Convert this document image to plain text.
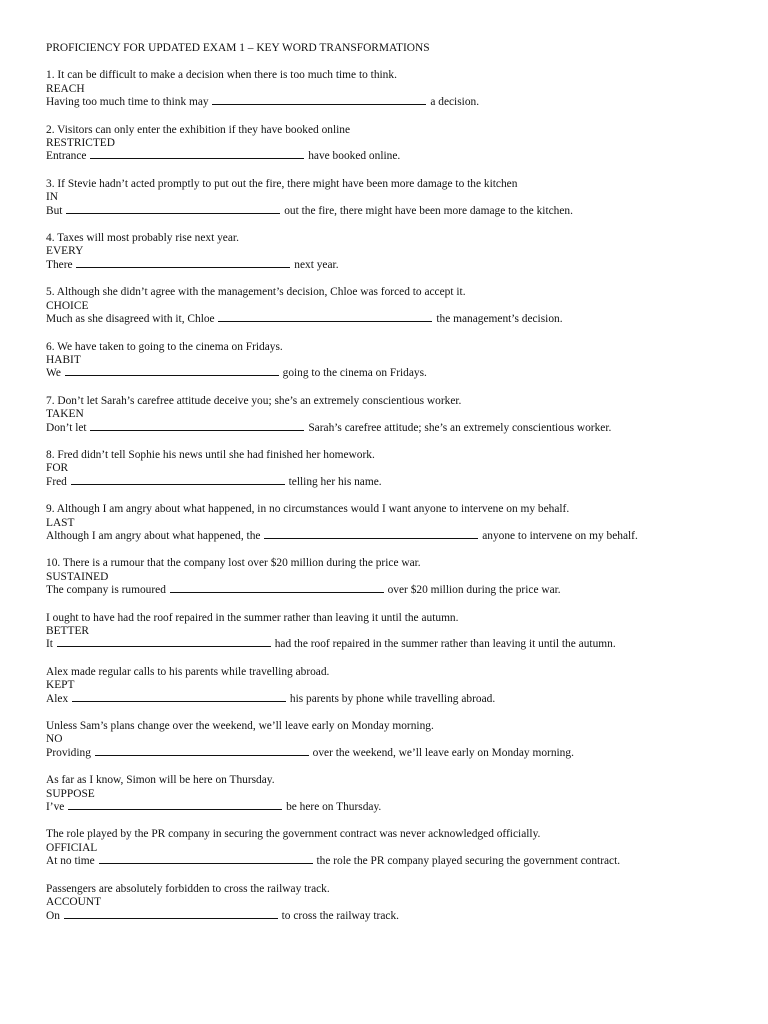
PROFICIENCY FOR UPDATED EXAM 1 – KEY WORD TRANSFORMATIONS
1. It can be difficult to make a decision when there is too much time to think.
REACH
Having too much time to think may	a decision.
2. Visitors can only enter the exhibition if they have booked online
RESTRICTED
Entrance	have booked online.
3. If Stevie hadn’t acted promptly to put out the fire, there might have been more damage to the kitchen
IN
But	out the fire, there might have been more damage to the kitchen.
4. Taxes will most probably rise next year.
EVERY
There	next year.
5. Although she didn’t agree with the management’s decision, Chloe was forced to accept it.
CHOICE
Much as she disagreed with it, Chloe	the management’s decision.
6. We have taken to going to the cinema on Fridays.
HABIT
We	going to the cinema on Fridays.
7. Don’t let Sarah’s carefree attitude deceive you; she’s an extremely conscientious worker.
TAKEN
Don’t let	Sarah’s carefree attitude; she’s an extremely conscientious worker.
8. Fred didn’t tell Sophie his news until she had finished her homework.
FOR
Fred	telling her his name.
9. Although I am angry about what happened, in no circumstances would I want anyone to intervene on my behalf.
LAST
Although I am angry about what happened, the	anyone to intervene on my behalf.
10. There is a rumour that the company lost over $20 million during the price war.
SUSTAINED
The company is rumoured	over $20 million during the price war.
I ought to have had the roof repaired in the summer rather than leaving it until the autumn.
BETTER
It	had the roof repaired in the summer rather than leaving it until the autumn.
Alex made regular calls to his parents while travelling abroad.
KEPT
Alex	his parents by phone while travelling abroad.
Unless Sam’s plans change over the weekend, we’ll leave early on Monday morning.
NO
Providing	over the weekend, we’ll leave early on Monday morning.
As far as I know, Simon will be here on Thursday.
SUPPOSE
I’ve	be here on Thursday.
The role played by the PR company in securing the government contract was never acknowledged officially.
OFFICIAL
At no time	the role the PR company played securing the government contract.
Passengers are absolutely forbidden to cross the railway track.
ACCOUNT
On	to cross the railway track.
